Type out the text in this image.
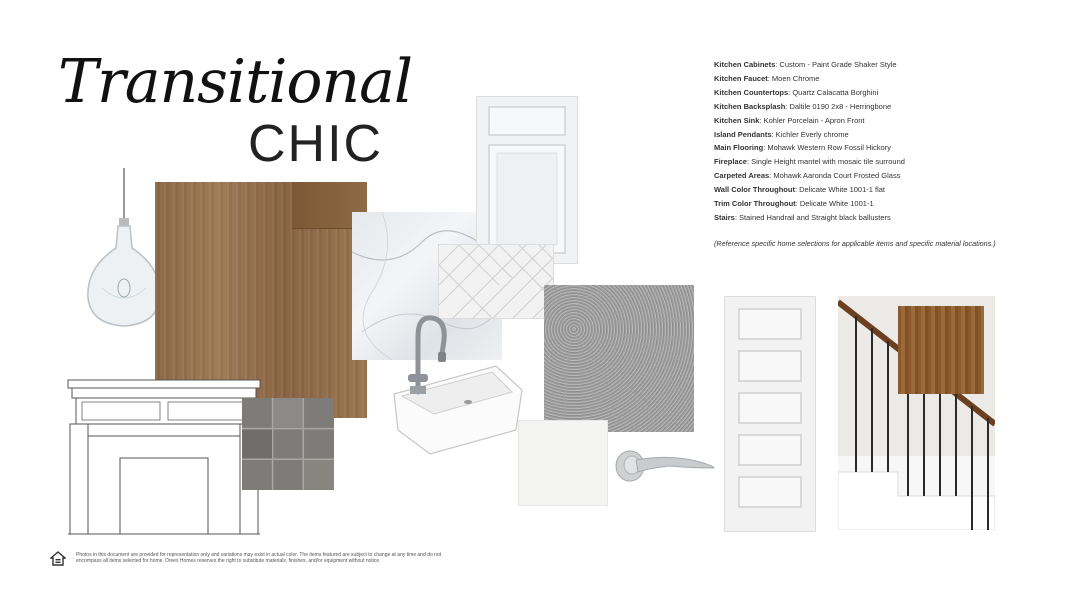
Transitional
CHIC
Kitchen Cabinets: Custom - Paint Grade Shaker Style
Kitchen Faucet: Moen Chrome
Kitchen Countertops: Quartz Calacatta Borghini
Kitchen Backsplash: Daltile 0190 2x8 - Herringbone
Kitchen Sink: Kohler Porcelain - Apron Front
Island Pendants: Kichler Everly chrome
Main Flooring: Mohawk Western Row Fossil Hickory
Fireplace: Single Height mantel with mosaic tile surround
Carpeted Areas: Mohawk Aaronda Court Frosted Glass
Wall Color Throughout: Delicate White 1001-1 flat
Trim Color Throughout: Delicate White 1001-1
Stairs: Stained Handrail and Straight black ballusters
(Reference specific home selections for applicable items and specific material locations.)
Photos in this document are provided for representation only and variations may exist in actual color. The items featured are subject to change at any time and do not encompass all items selected for home. Drees Homes reserves the right to substitute materials, finishes, and/or equipment without notice
